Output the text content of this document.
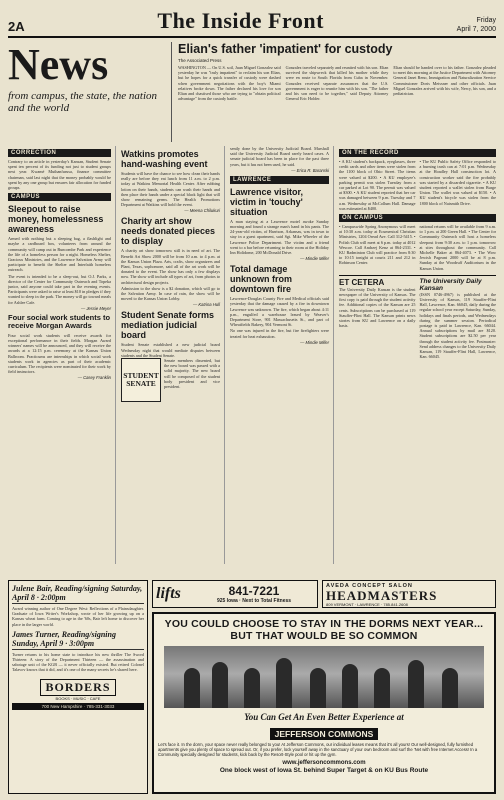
2A	The Inside Front	Friday
April 7, 2000
News
from campus, the state, the nation and the world
Elian's father 'impatient' for custody
The Associated Press
WASHINGTON — On U.S. soil, Juan Miguel Gonzalez said yesterday he was "truly impatient" to reclaim his son Elian, but he hopes for a quick transfer of custody were dashed when government negotiations with the boy's Miami relatives broke down. The father declared his love for son Elian and chastised those who are trying to "obtain political advantage" from the custody battle.
Gonzalez traveled separately and reunited with his son. Elian survived the shipwreck that killed his mother while they were en route to South Florida from Cuba in November. Gonzalez received separate assurances that the U.S. government is eager to reunite him with his son. "The father and his son need to be together," said Deputy Attorney General Eric Holder.
Elian should be handed over to his father. Gonzalez pleaded to meet this morning at the Justice Department with Attorney General Janet Reno, Immigration and Naturalization Service Commissioner Doris Meissner and other officials. Juan Miguel Gonzalez arrived with his wife, Nercy, his son, and a pediatrician.
CORRECTION
Contrary to an article in yesterday's Kansan, Student Senate spent ten percent of its funding not just to student groups next year. Kwamé Muthanfurusa, finance committee chairman, said last night that the money probably would be spent by any one group but ensures fair allocation for funded groups.
CAMPUS
Sleepout to raise money, homelessness awareness

Armed with nothing but a sleeping bag, a flashlight and maybe a cardboard box, volunteers from around the community will camp out in Buncombe Park and experience the life of a homeless person for a night. Homeless Shelter, Gracious Ministries, and the Lawrence Salvation Army will participate to benefit the Shelter and Interfaith homeless outreach.

The event is intended to be a sleep-out, but O.J. Parks, a director of the Center for Community Outreach and Topeka junior, said anyone could take part in the evening events. Participants were asked to raise at least $10 in pledges if they wanted to sleep in the park. The money will go toward meals for Ashlee Cafe.

— Jessie Meyer
Four social work students to receive Morgan Awards
Four social work students will receive awards for exceptional performance in their fields. Morgan Award winners' names will be announced, and they will receive the awards at a 12:15 p.m. ceremony at the Kansas Union Ballroom. Practicums are internships in which social work students work in agencies as part of their academic curriculum. The recipients were nominated for their work by field instructors.
— Casey Franklin
Watkins promotes hand-washing event
Students will have the chance to see how clean their hands really are before they eat lunch from 11 a.m. to 2 p.m. today at Watkins Memorial Health Center. After rubbing lotion on their hands, students can wash their hands and then place their hands under a special black light that will show remaining germs. The Health Promotions Department at Watkins will hold the event.
— Meena Chilukuri
Charity art show needs donated pieces to display

A charity art show tomorrow still is in need of art. The Benefit Art Show 2000 will be from 10 a.m. to 4 p.m. at the Kansas Union Plaza. Arts, crafts, show organizers and Plant, Texas, sophomore, said all of the art work will be donated to the event. The show has only a few displays now. The show will include all types of art, from photos to architectural design projects.

Admission to the show is a $2 donation, which will go to the Salvation Army. In case of rain, the show will be moved to the Kansas Union Lobby.

— Katrina Hull
Student Senate forms mediation judicial board
Student Senate established a new judicial board Wednesday night that would mediate disputes between students and the Student Senate.
STUDENT
SENATE
Senate members dissented, but the new board was passed with a solid majority. The new board will be composed of the student body president and vice president.
sently done by the University Judicial Board. Marshall said the University Judicial Board rarely heard cases. A senate judicial board has been in place for the past three years, but it has not been used, he said.
— Erica R. Baranski
LAWRENCE
Lawrence visitor, victim in 'touchy' situation
A man staying at a Lawrence motel awoke Sunday morning and found a strange man's hand in his pants. The 24-year-old victim, of Harrison, Arkansas, was in town to stay in a guest apartment, said Sgt. Mike Wheeler of the Lawrence Police Department. The victim and a friend went to a bar before returning to their room at the Holiday Inn Holidome, 200 McDonald Drive.
— Mindie Miller
Total damage unknown from downtown fire

Lawrence-Douglas County Fire and Medical officials said yesterday that the damage caused by a fire in downtown Lawrence was unknown. The fire, which began about 4:11 p.m., engulfed a warehouse leased by Weaver's Department Store, 901 Massachusetts St., and part of Wheatfields Bakery, 904 Vermont St.

No one was injured in the fire, but fire firefighters were treated for heat exhaustion.

— Mindie Miller
ON THE RECORD
• A KU student's backpack, eyeglasses, three credit cards and other items were stolen from the 1100 block of Ohio Street. The items were valued at $200. • A KU employee's parking permit was stolen Tuesday from a car parked at Lot 90. The permit was valued at $300. • A KU student reported that her car was damaged between 9 p.m. Tuesday and 7 a.m. Wednesday at McCollum Hall. Damage was estimated at $400.
• The KU Public Safety Office responded to a burning trash can at 7:01 p.m. Wednesday at the Hoadley Hall construction lot. A construction worker said the fire probably was started by a discarded cigarette. • A KU student reported a wallet stolen from Burge Union. The wallet was valued at $150. • A KU student's bicycle was stolen from the 1800 block of Naismith Drive.
ON CAMPUS
• Campuswide Spring Anonymous will meet at 10:30 a.m. today at Ecumenical Christian Ministries, 1204 Oread Ave. Call 312-5415. • Polish Club will meet at 6 p.m. today at 4012 Wescoe. Call Andrzej Kenz at 864-2331. • KU Badminton Club will practice from 8:30 to 10:15 tonight at courts 211 and 212 in Robinson Center.
national returns will be available from 9 a.m. to 1 p.m. at 200 Green Hall. • The Center for Community Outreach will host a homeless sleepout from 9:30 a.m. to 1 p.m. tomorrow at sites throughout the community. Call Michelle Baker at 864-4073. • The Wow Jewish Pageant 2000 will be at 8 p.m. Sunday at the Woodruff Auditorium in the Kansas Union.
ET CETERA
The University Daily Kansan is the student newspaper of the University of Kansas. The first copy is paid through the student activity fee. Additional copies of the Kansan are 25 cents. Subscriptions can be purchased at 119 Stauffer-Flint Hall. The Kansan prints news stories from KU and Lawrence on a daily basis.
The University Daily Kansan
(ISSN 0746-4967) is published at the University of Kansas, 119 Stauffer-Flint Hall, Lawrence, Kan. 66045, daily during the regular school year except Saturday, Sunday, holidays and finals periods, and Wednesdays during the summer session. Periodical postage is paid in Lawrence, Kan. 66044. Annual subscriptions by mail are $120. Student subscriptions are $2.50 per year through the student activity fee. Postmaster: Send address changes to the University Daily Kansan, 119 Stauffer-Flint Hall, Lawrence, Kan. 66045.
Julene Bair, Reading/signing Saturday, April 8 · 2:00pm
Award winning author of One Degree West: Reflections of a Plainsdaughter. Graduate of Iowa Writer's Workshop, wrote of her life growing up on a Kansas wheat farm. Coming to age in the '60s, Bair left home to discover her place in the larger world.
James Turner, Reading/signing Sunday, April 9 · 3:00pm
Turner returns to his home state to introduce his new thriller The Sword Thirteen: A story of the Department Thirteen — the assassination and sabotage unit of the KGB — it never officially existed. But retired Colonel Talavov knows that it did, and it's one of the many secrets he's shared here.
BORDERS
BOOKS · MUSIC · CAFE
700 New Hampshire · 785-331-3033
lifts	841-7221
925 Iowa · Next to Total Fitness
AVEDA CONCEPT SALON
HEADMASTERS
809 VERMONT · LAWRENCE · 785.841.2608
YOU COULD CHOOSE TO STAY IN THE DORMS NEXT YEAR...
BUT THAT WOULD BE SO COMMON
You Can Get An Even Better Experience at
JEFFERSON COMMONS
Let's face it. In the dorm, your space never really belonged to you! At Jefferson Commons, our individual leases means that it's all yours! Our well-designed, fully furnished apartments give you plenty of space to spread out. Or, if you prefer, lock yourself away in the sanctuary of your own bedroom and surf the 'Net with free Internet Access! In a Community specially designed for students, kick back by the Resort-Style pool or hit up the gym.
www.jeffersoncommons.com
One block west of Iowa St. behind Super Target & on KU Bus Route
